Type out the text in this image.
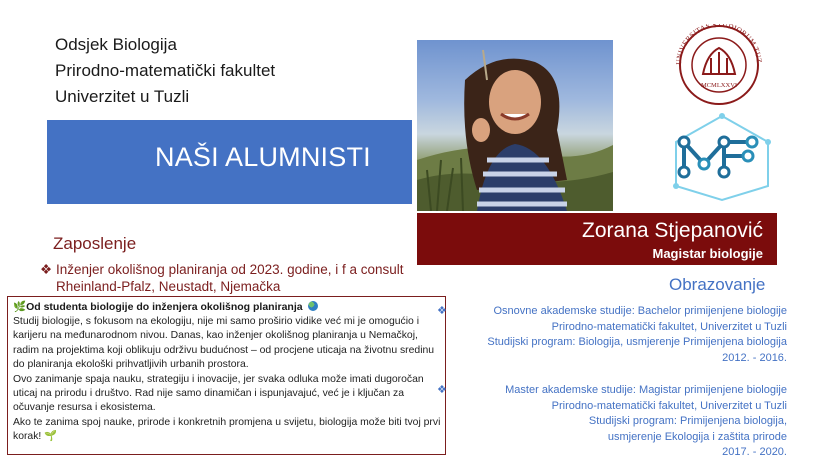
Odsjek Biologija
Prirodno-matematički fakultet
Univerzitet u Tuzli
NAŠI ALUMNISTI
UNIVERSITAS STUDIORUM TUZ
MCMLXXVI
Zorana Stjepanović
Magistar biologije
Zaposlenje
❖ Inženjer okolišnog planiranja od 2023. godine, i f a consult Rheinland-Pfalz, Neustadt, Njemačka
🌿Od studenta biologije do inženjera okolišnog planiranja

Studij biologije, s fokusom na ekologiju, nije mi samo proširio vidike već mi je omogućio i karijeru na međunarodnom nivou. Danas, kao inženjer okolišnog planiranja u Nemačkoj, radim na projektima koji oblikuju održivu budućnost – od procjene uticaja na životnu sredinu do planiranja ekološki prihvatljivih urbanih prostora.

Ovo zanimanje spaja nauku, strategiju i inovacije, jer svaka odluka može imati dugoročan uticaj na prirodu i društvo. Rad nije samo dinamičan i ispunjavajuć, već je i ključan za očuvanje resursa i ekosistema.

Ako te zanima spoj nauke, prirode i konkretnih promjena u svijetu, biologija može biti tvoj prvi korak! 🌱

Obrazovanje
❖	Osnovne akademske studije: Bachelor primijenjene biologije
Prirodno-matematički fakultet, Univerzitet u Tuzli
Studijski program: Biologija, usmjerenje Primijenjena biologija
2012. - 2016.
❖	Master akademske studije: Magistar primijenjene biologije
Prirodno-matematički fakultet, Univerzitet u Tuzli
Studijski program: Primijenjena biologija,
usmjerenje Ekologija i zaštita prirode
2017. - 2020.
